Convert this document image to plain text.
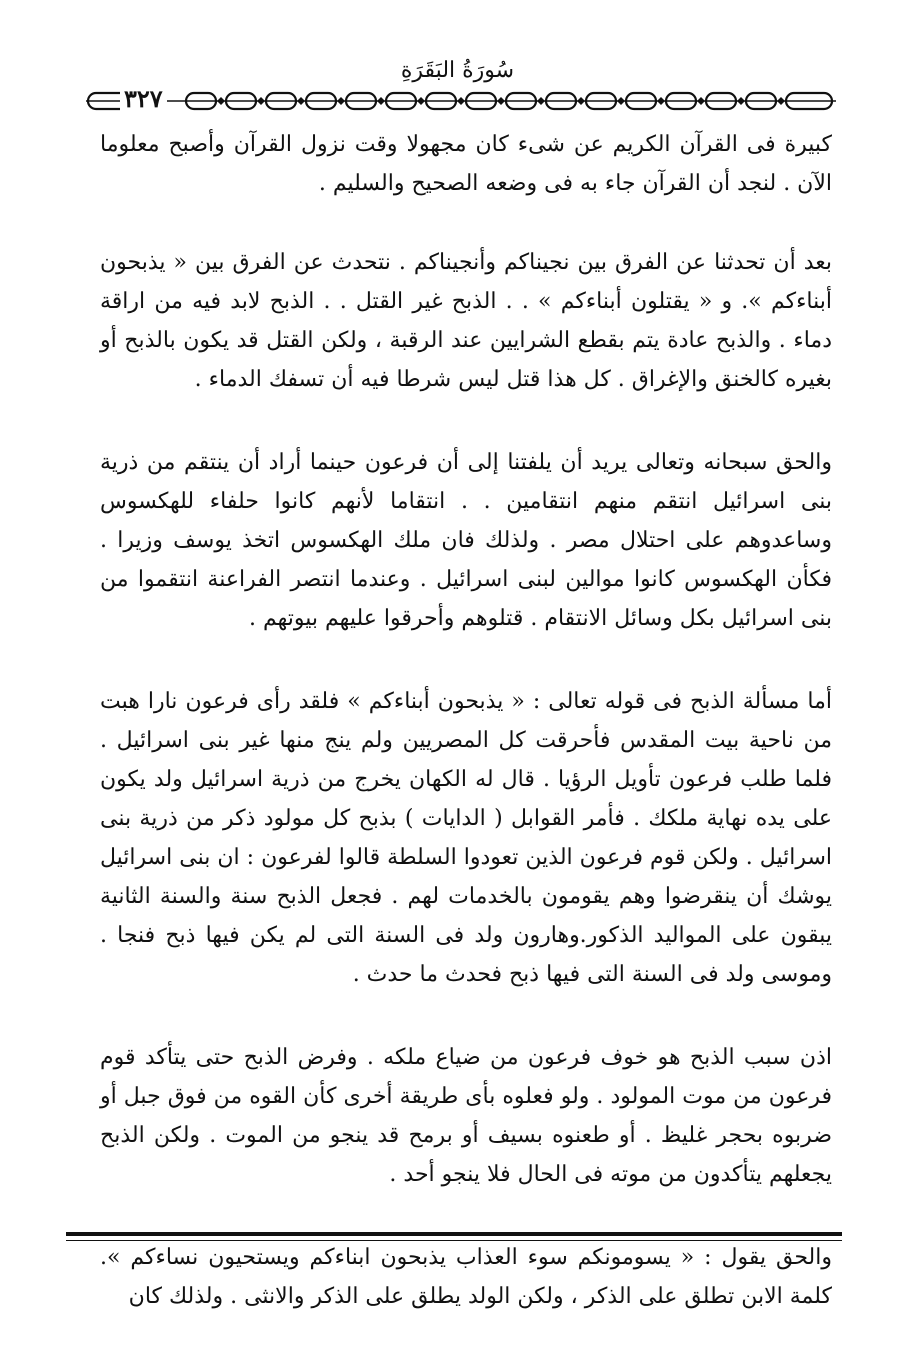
سُورَةُ البَقَرَةِ
٣٢٧

كبيرة فى القرآن الكريم عن شىء كان مجهولا وقت نزول القرآن وأصبح معلوما الآن . لنجد أن القرآن جاء به فى وضعه الصحيح والسليم .

بعد أن تحدثنا عن الفرق بين نجيناكم وأنجيناكم . نتحدث عن الفرق بين « يذبحون أبناءكم ». و « يقتلون أبناءكم » . . الذبح غير القتل . . الذبح لابد فيه من اراقة دماء . والذبح عادة يتم بقطع الشرايين عند الرقبة ، ولكن القتل قد يكون بالذبح أو بغيره كالخنق والإغراق . كل هذا قتل ليس شرطا فيه أن تسفك الدماء .

والحق سبحانه وتعالى يريد أن يلفتنا إلى أن فرعون حينما أراد أن ينتقم من ذرية بنى اسرائيل انتقم منهم انتقامين . . انتقاما لأنهم كانوا حلفاء للهكسوس وساعدوهم على احتلال مصر . ولذلك فان ملك الهكسوس اتخذ يوسف وزيرا . فكأن الهكسوس كانوا موالين لبنى اسرائيل . وعندما انتصر الفراعنة انتقموا من بنى اسرائيل بكل وسائل الانتقام . قتلوهم وأحرقوا عليهم بيوتهم .

أما مسألة الذبح فى قوله تعالى : « يذبحون أبناءكم » فلقد رأى فرعون نارا هبت من ناحية بيت المقدس فأحرقت كل المصريين ولم ينج منها غير بنى اسرائيل . فلما طلب فرعون تأويل الرؤيا . قال له الكهان يخرج من ذرية اسرائيل ولد يكون على يده نهاية ملكك . فأمر القوابل ( الدايات ) بذبح كل مولود ذكر من ذرية بنى اسرائيل . ولكن قوم فرعون الذين تعودوا السلطة قالوا لفرعون : ان بنى اسرائيل يوشك أن ينقرضوا وهم يقومون بالخدمات لهم . فجعل الذبح سنة والسنة الثانية يبقون على المواليد الذكور.وهارون ولد فى السنة التى لم يكن فيها ذبح فنجا . وموسى ولد فى السنة التى فيها ذبح فحدث ما حدث .

اذن سبب الذبح هو خوف فرعون من ضياع ملكه . وفرض الذبح حتى يتأكد قوم فرعون من موت المولود . ولو فعلوه بأى طريقة أخرى كأن القوه من فوق جبل أو ضربوه بحجر غليظ . أو طعنوه بسيف أو برمح قد ينجو من الموت . ولكن الذبح يجعلهم يتأكدون من موته فى الحال فلا ينجو أحد .

والحق يقول : « يسومونكم سوء العذاب يذبحون ابناءكم ويستحيون نساءكم ». كلمة الابن تطلق على الذكر ، ولكن الولد يطلق على الذكر والانثى . ولذلك كان
